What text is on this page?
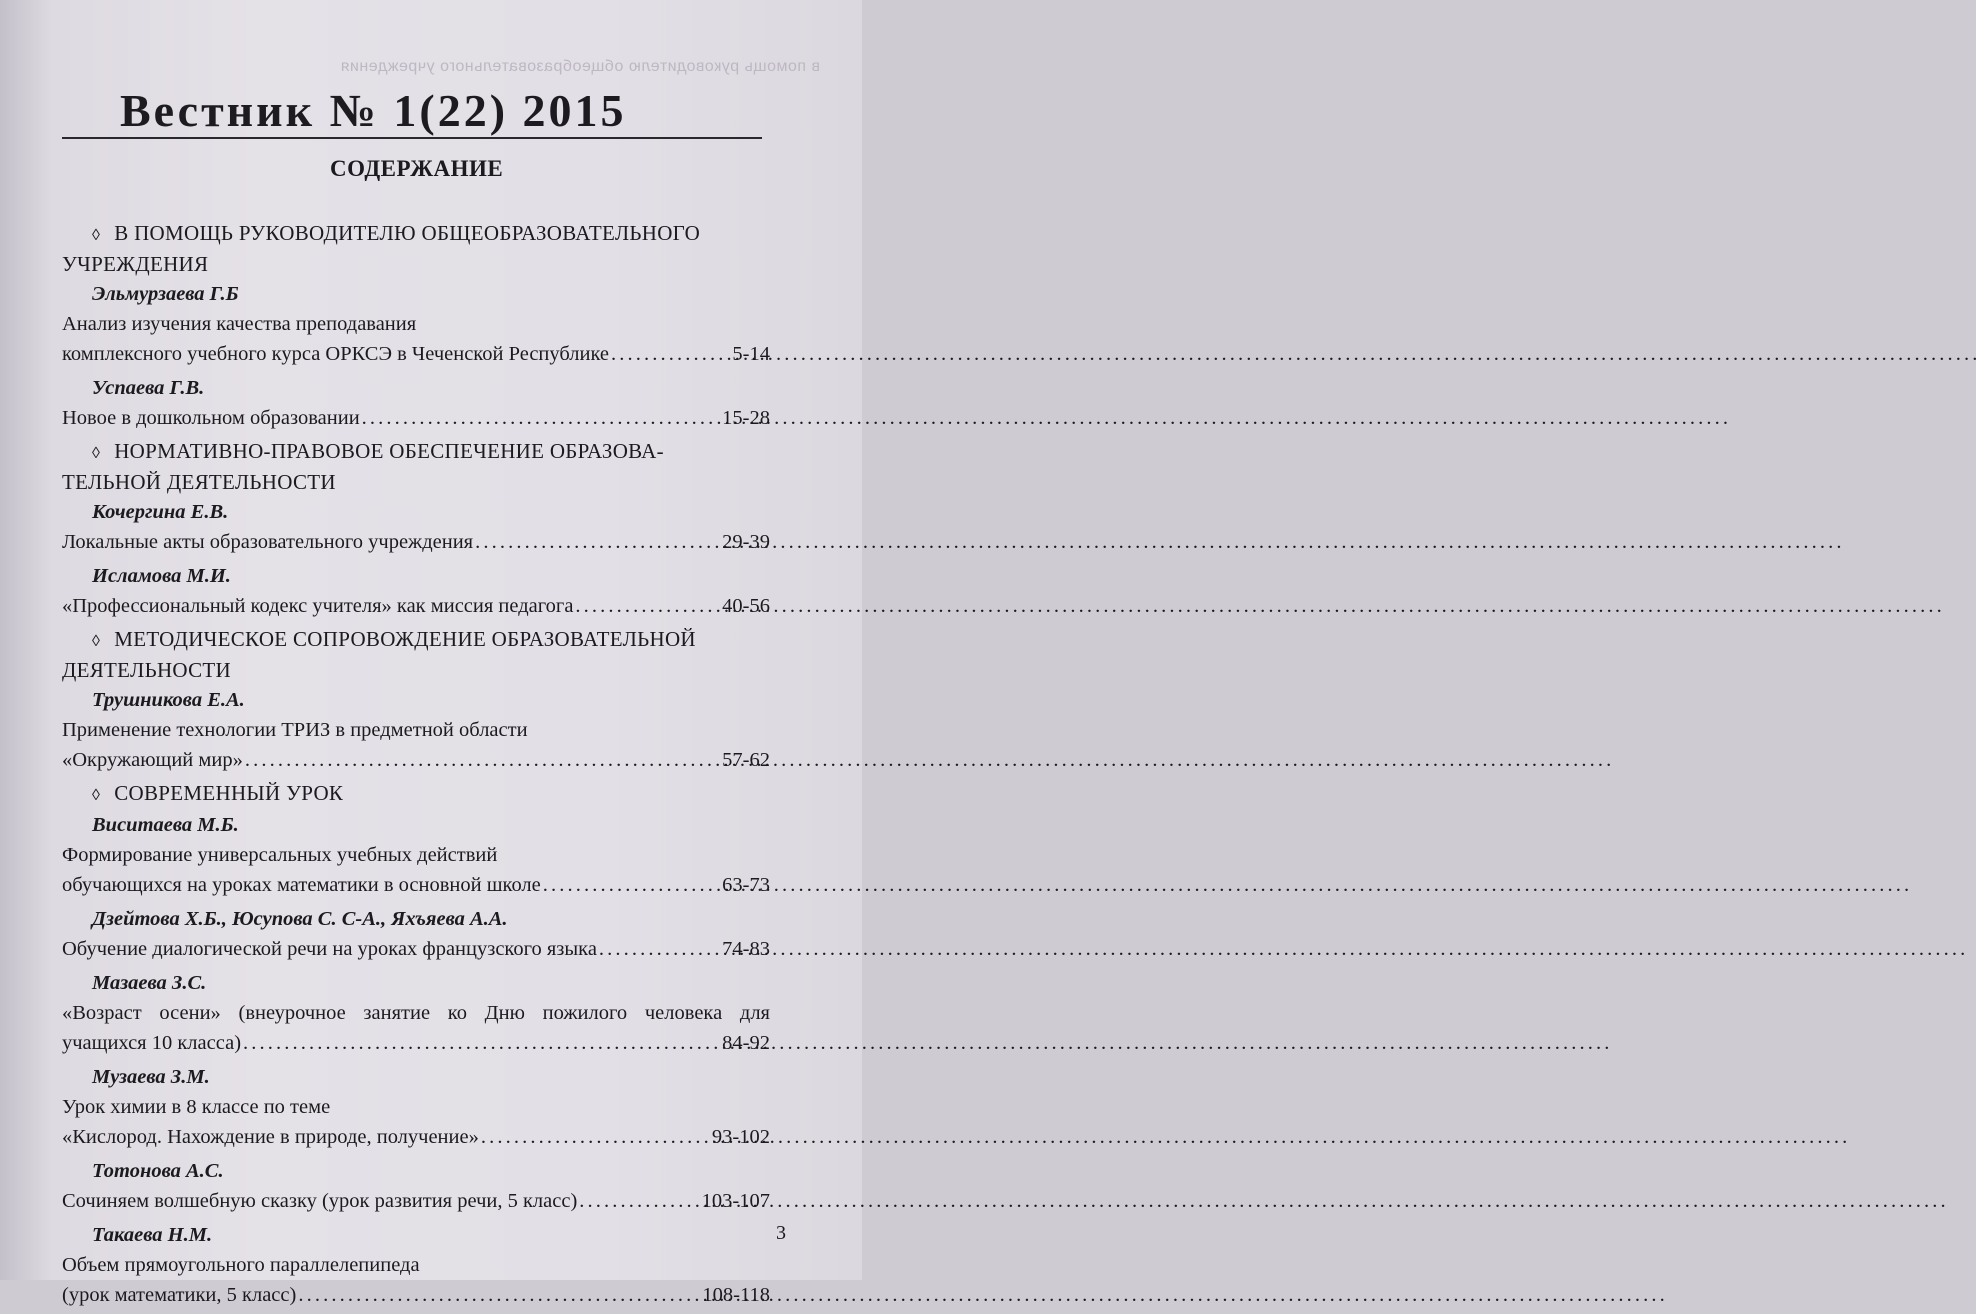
в помощь руководителю общеобразовательного учреждения
Вестник № 1(22) 2015
СОДЕРЖАНИЕ
◊ В ПОМОЩЬ РУКОВОДИТЕЛЮ ОБЩЕОБРАЗОВАТЕЛЬНОГО
УЧРЕЖДЕНИЯ
Эльмурзаева Г.Б
Анализ изучения качества преподавания
комплексного учебного курса ОРКСЭ в Чеченской Республике . . .	5-14
Успаева Г.В.
Новое в дошкольном образовании . . .	15-28
◊ НОРМАТИВНО-ПРАВОВОЕ ОБЕСПЕЧЕНИЕ ОБРАЗОВА-
ТЕЛЬНОЙ ДЕЯТЕЛЬНОСТИ
Кочергина Е.В.
Локальные акты образовательного учреждения . . .	29-39
Исламова М.И.
«Профессиональный кодекс учителя» как миссия педагога . . .	40-56
◊ МЕТОДИЧЕСКОЕ СОПРОВОЖДЕНИЕ ОБРАЗОВАТЕЛЬНОЙ
ДЕЯТЕЛЬНОСТИ
Трушникова Е.А.
Применение технологии ТРИЗ в предметной области
«Окружающий мир» . . .	57-62
◊ СОВРЕМЕННЫЙ УРОК
Виситаева М.Б.
Формирование универсальных учебных действий
обучающихся на уроках математики в основной школе . . .	63-73
Дзейтова Х.Б., Юсупова С. С-А., Яхъяева А.А.
Обучение диалогической речи на уроках французского языка . . .	74-83
Мазаева З.С.
«Возраст осени» (внеурочное занятие ко Дню пожилого человека для
учащихся 10 класса) . . .	84-92
Музаева З.М.
Урок химии в 8 классе по теме
«Кислород. Нахождение в природе, получение» . . .	93-102
Тотонова А.С.
Сочиняем волшебную сказку (урок развития речи, 5 класс) . . .	103-107
Такаева Н.М.
Объем прямоугольного параллелепипеда
(урок математики, 5 класс) . . .	108-118
3
